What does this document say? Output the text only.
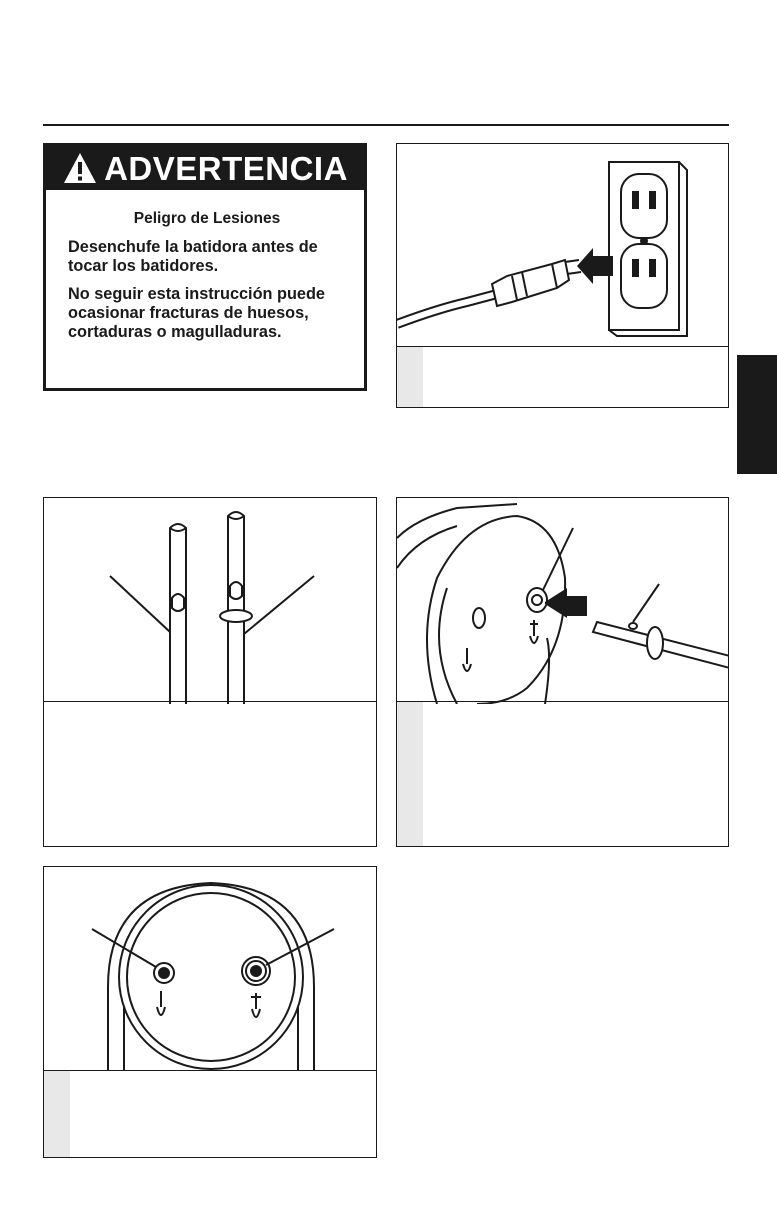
ADVERTENCIA
Peligro de Lesiones

Desenchufe la batidora antes de tocar los batidores.

No seguir esta instrucción puede ocasionar fracturas de huesos, cortaduras o magulladuras.
